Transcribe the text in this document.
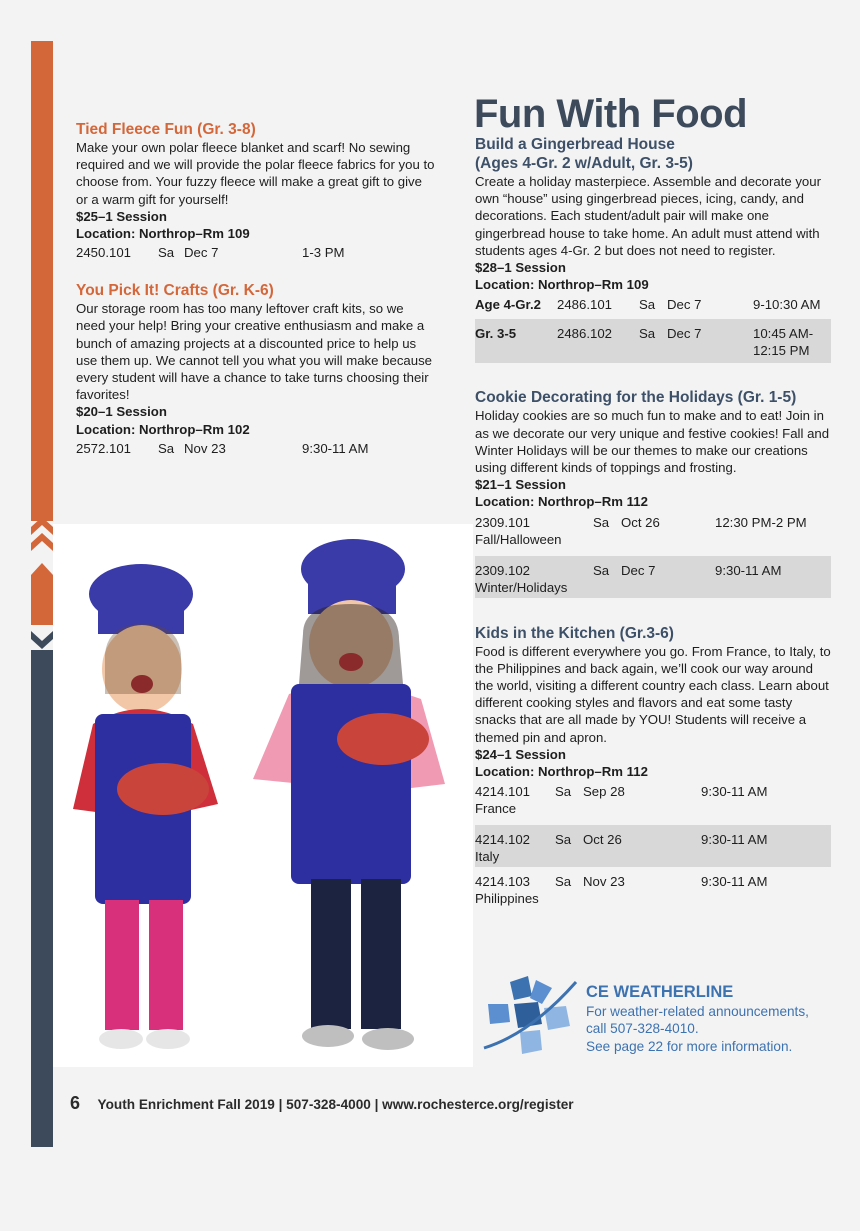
Tied Fleece Fun (Gr. 3-8)

Make your own polar fleece blanket and scarf! No sewing required and we will provide the polar fleece fabrics for you to choose from. Your fuzzy fleece will make a great gift to give or a warm gift for yourself!

$25–1 Session

Location: Northrop–Rm 109

2450.101	Sa Dec 7	1-3 PM
You Pick It! Crafts (Gr. K-6)

Our storage room has too many leftover craft kits, so we need your help! Bring your creative enthusiasm and make a bunch of amazing projects at a discounted price to help us use them up. We cannot tell you what you will make because every student will have a chance to take turns choosing their favorites!

$20–1 Session

Location: Northrop–Rm 102

2572.101	Sa Nov 23	9:30-11 AM
Fun With Food
Build a Gingerbread House
(Ages 4-Gr. 2 w/Adult, Gr. 3-5)

Create a holiday masterpiece. Assemble and decorate your own “house” using gingerbread pieces, icing, candy, and decorations. Each student/adult pair will make one gingerbread house to take home. An adult must attend with students ages 4-Gr. 2 but does not need to register.

$28–1 Session

Location: Northrop–Rm 109

Age 4-Gr.2	2486.101	Sa Dec 7	9-10:30 AM
Gr. 3-5	2486.102	Sa Dec 7	10:45 AM-
12:15 PM
Cookie Decorating for the Holidays (Gr. 1-5)

Holiday cookies are so much fun to make and to eat! Join in as we decorate our very unique and festive cookies! Fall and Winter Holidays will be our themes to make our creations using different kinds of toppings and frosting.

$21–1 Session

Location: Northrop–Rm 112

2309.101	Sa Oct 26	12:30 PM-2 PM
Fall/Halloween
2309.102	Sa Dec 7	9:30-11 AM
Winter/Holidays
Kids in the Kitchen (Gr.3-6)

Food is different everywhere you go. From France, to Italy, to the Philippines and back again, we’ll cook our way around the world, visiting a different country each class. Learn about different cooking styles and flavors and eat some tasty snacks that are all made by YOU! Students will receive a themed pin and apron.

$24–1 Session

Location: Northrop–Rm 112

4214.101	Sa Sep 28	9:30-11 AM
France
4214.102	Sa Oct 26	9:30-11 AM
Italy
4214.103	Sa Nov 23	9:30-11 AM
Philippines
CE WEATHERLINE
For weather-related announcements,
call 507-328-4010.
See page 22 for more information.
6 Youth Enrichment Fall 2019 | 507-328-4000 | www.rochesterce.org/register
